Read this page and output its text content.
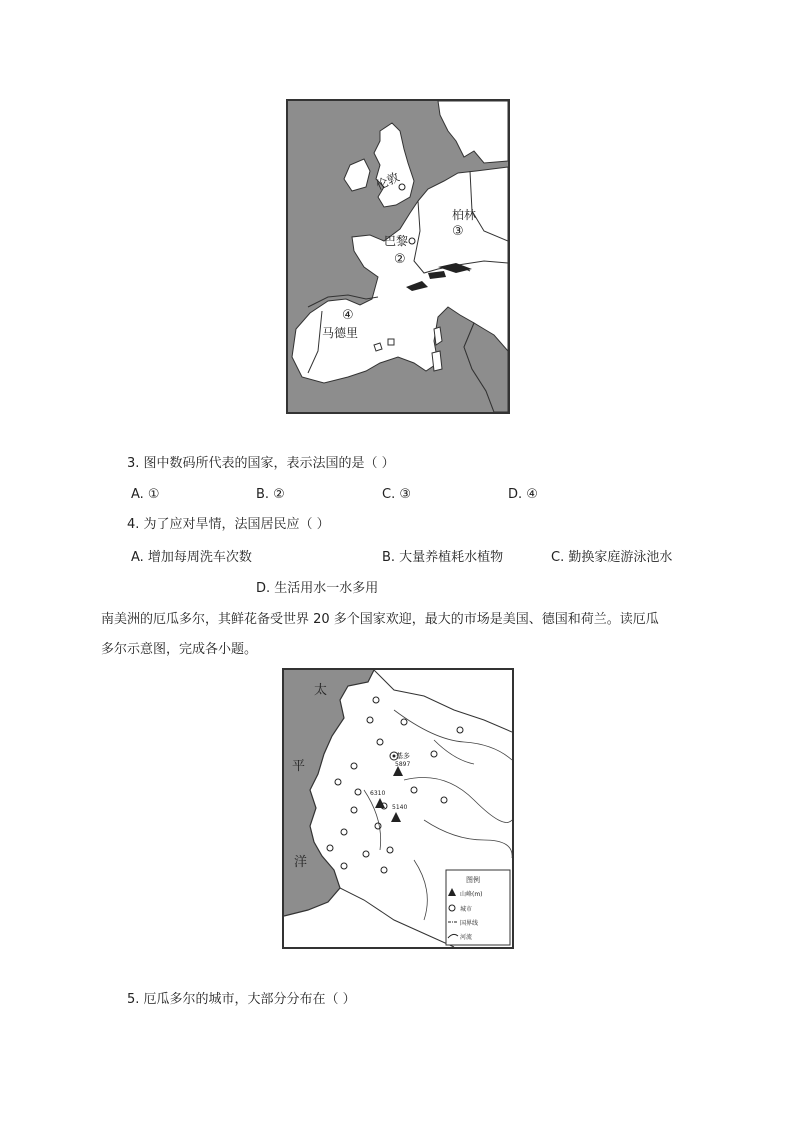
伦敦
柏林
③
巴黎
②
④
马德里
3. 图中数码所代表的国家，表示法国的是（ ）
A. ①	B. ②	C. ③	D. ④
4. 为了应对旱情，法国居民应（ ）
A. 增加每周洗车次数	B. 大量养植耗水植物	C. 勤换家庭游泳池水
D. 生活用水一水多用
南美洲的厄瓜多尔，其鲜花备受世界 20 多个国家欢迎，最大的市场是美国、德国和荷兰。读厄瓜
多尔示意图，完成各小题。
基多
5897
6310
5140
太
平
洋
图例
山峰(m)
城市
国界线
河流
5. 厄瓜多尔的城市，大部分分布在（ ）
